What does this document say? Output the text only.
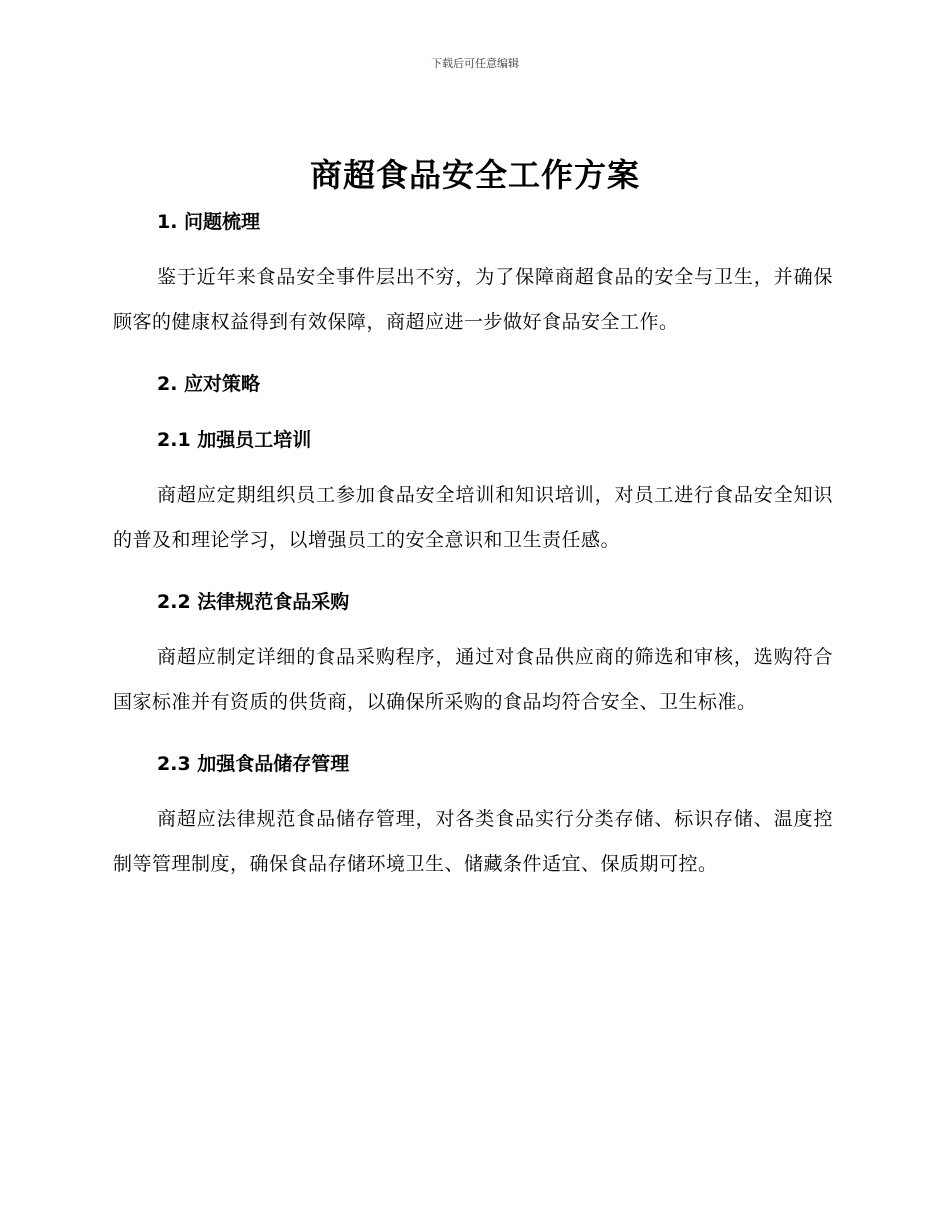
下载后可任意编辑
商超食品安全工作方案
1. 问题梳理

鉴于近年来食品安全事件层出不穷，为了保障商超食品的安全与卫生，并确保顾客的健康权益得到有效保障，商超应进一步做好食品安全工作。

2. 应对策略
2.1 加强员工培训

商超应定期组织员工参加食品安全培训和知识培训，对员工进行食品安全知识的普及和理论学习，以增强员工的安全意识和卫生责任感。

2.2 法律规范食品采购

商超应制定详细的食品采购程序，通过对食品供应商的筛选和审核，选购符合国家标准并有资质的供货商，以确保所采购的食品均符合安全、卫生标准。

2.3 加强食品储存管理

商超应法律规范食品储存管理，对各类食品实行分类存储、标识存储、温度控制等管理制度，确保食品存储环境卫生、储藏条件适宜、保质期可控。
